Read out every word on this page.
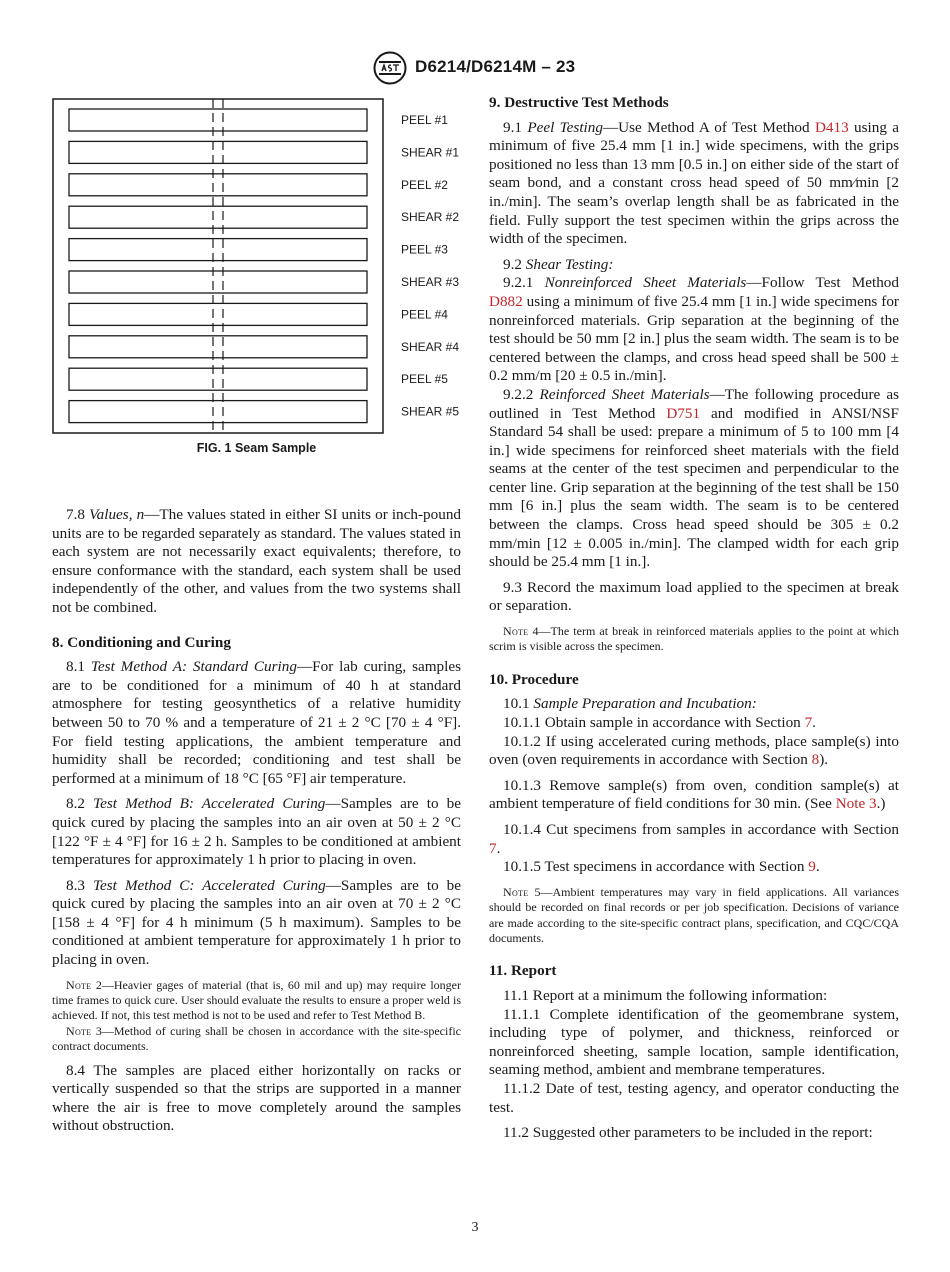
D6214/D6214M – 23
PEEL #1
SHEAR #1
PEEL #2
SHEAR #2
PEEL #3
SHEAR #3
PEEL #4
SHEAR #4
PEEL #5
SHEAR #5
FIG. 1 Seam Sample

7.8 Values, n—The values stated in either SI units or inch-pound units are to be regarded separately as standard. The values stated in each system are not necessarily exact equivalents; therefore, to ensure conformance with the standard, each system shall be used independently of the other, and values from the two systems shall not be combined.

8. Conditioning and Curing

8.1 Test Method A: Standard Curing—For lab curing, samples are to be conditioned for a minimum of 40 h at standard atmosphere for testing geosynthetics of a relative humidity between 50 to 70 % and a temperature of 21 ± 2 °C [70 ± 4 °F]. For field testing applications, the ambient temperature and humidity shall be recorded; conditioning and test shall be performed at a minimum of 18 °C [65 °F] air temperature.

8.2 Test Method B: Accelerated Curing—Samples are to be quick cured by placing the samples into an air oven at 50 ± 2 °C [122 °F ± 4 °F] for 16 ± 2 h. Samples to be conditioned at ambient temperatures for approximately 1 h prior to placing in oven.

8.3 Test Method C: Accelerated Curing—Samples are to be quick cured by placing the samples into an air oven at 70 ± 2 °C [158 ± 4 °F] for 4 h minimum (5 h maximum). Samples to be conditioned at ambient temperature for approximately 1 h prior to placing in oven.

Note 2—Heavier gages of material (that is, 60 mil and up) may require longer time frames to quick cure. User should evaluate the results to ensure a proper weld is achieved. If not, this test method is not to be used and refer to Test Method B.

Note 3—Method of curing shall be chosen in accordance with the site-specific contract documents.

8.4 The samples are placed either horizontally on racks or vertically suspended so that the strips are supported in a manner where the air is free to move completely around the samples without obstruction.

9. Destructive Test Methods

9.1 Peel Testing—Use Method A of Test Method D413 using a minimum of five 25.4 mm [1 in.] wide specimens, with the grips positioned no less than 13 mm [0.5 in.] on either side of the start of seam bond, and a constant cross head speed of 50 mm⁄min [2 in./min]. The seam’s overlap length shall be as fabricated in the field. Fully support the test specimen within the grips across the width of the specimen.

9.2 Shear Testing:

9.2.1 Nonreinforced Sheet Materials—Follow Test Method D882 using a minimum of five 25.4 mm [1 in.] wide specimens for nonreinforced materials. Grip separation at the beginning of the test should be 50 mm [2 in.] plus the seam width. The seam is to be centered between the clamps, and cross head speed shall be 500 ± 0.2 mm/m [20 ± 0.5 in./min].

9.2.2 Reinforced Sheet Materials—The following procedure as outlined in Test Method D751 and modified in ANSI/NSF Standard 54 shall be used: prepare a minimum of 5 to 100 mm [4 in.] wide specimens for reinforced sheet materials with the field seams at the center of the test specimen and perpendicular to the center line. Grip separation at the beginning of the test shall be 150 mm [6 in.] plus the seam width. The seam is to be centered between the clamps. Cross head speed should be 305 ± 0.2 mm/min [12 ± 0.005 in./min]. The clamped width for each grip should be 25.4 mm [1 in.].

9.3 Record the maximum load applied to the specimen at break or separation.

Note 4—The term at break in reinforced materials applies to the point at which scrim is visible across the specimen.

10. Procedure

10.1 Sample Preparation and Incubation:

10.1.1 Obtain sample in accordance with Section 7.

10.1.2 If using accelerated curing methods, place sample(s) into oven (oven requirements in accordance with Section 8).

10.1.3 Remove sample(s) from oven, condition sample(s) at ambient temperature of field conditions for 30 min. (See Note 3.)

10.1.4 Cut specimens from samples in accordance with Section 7.

10.1.5 Test specimens in accordance with Section 9.

Note 5—Ambient temperatures may vary in field applications. All variances should be recorded on final records or per job specification. Decisions of variance are made according to the site-specific contract plans, specification, and CQC/CQA documents.

11. Report

11.1 Report at a minimum the following information:

11.1.1 Complete identification of the geomembrane system, including type of polymer, and thickness, reinforced or nonreinforced sheeting, sample location, sample identification, seaming method, ambient and membrane temperatures.

11.1.2 Date of test, testing agency, and operator conducting the test.

11.2 Suggested other parameters to be included in the report:

3
